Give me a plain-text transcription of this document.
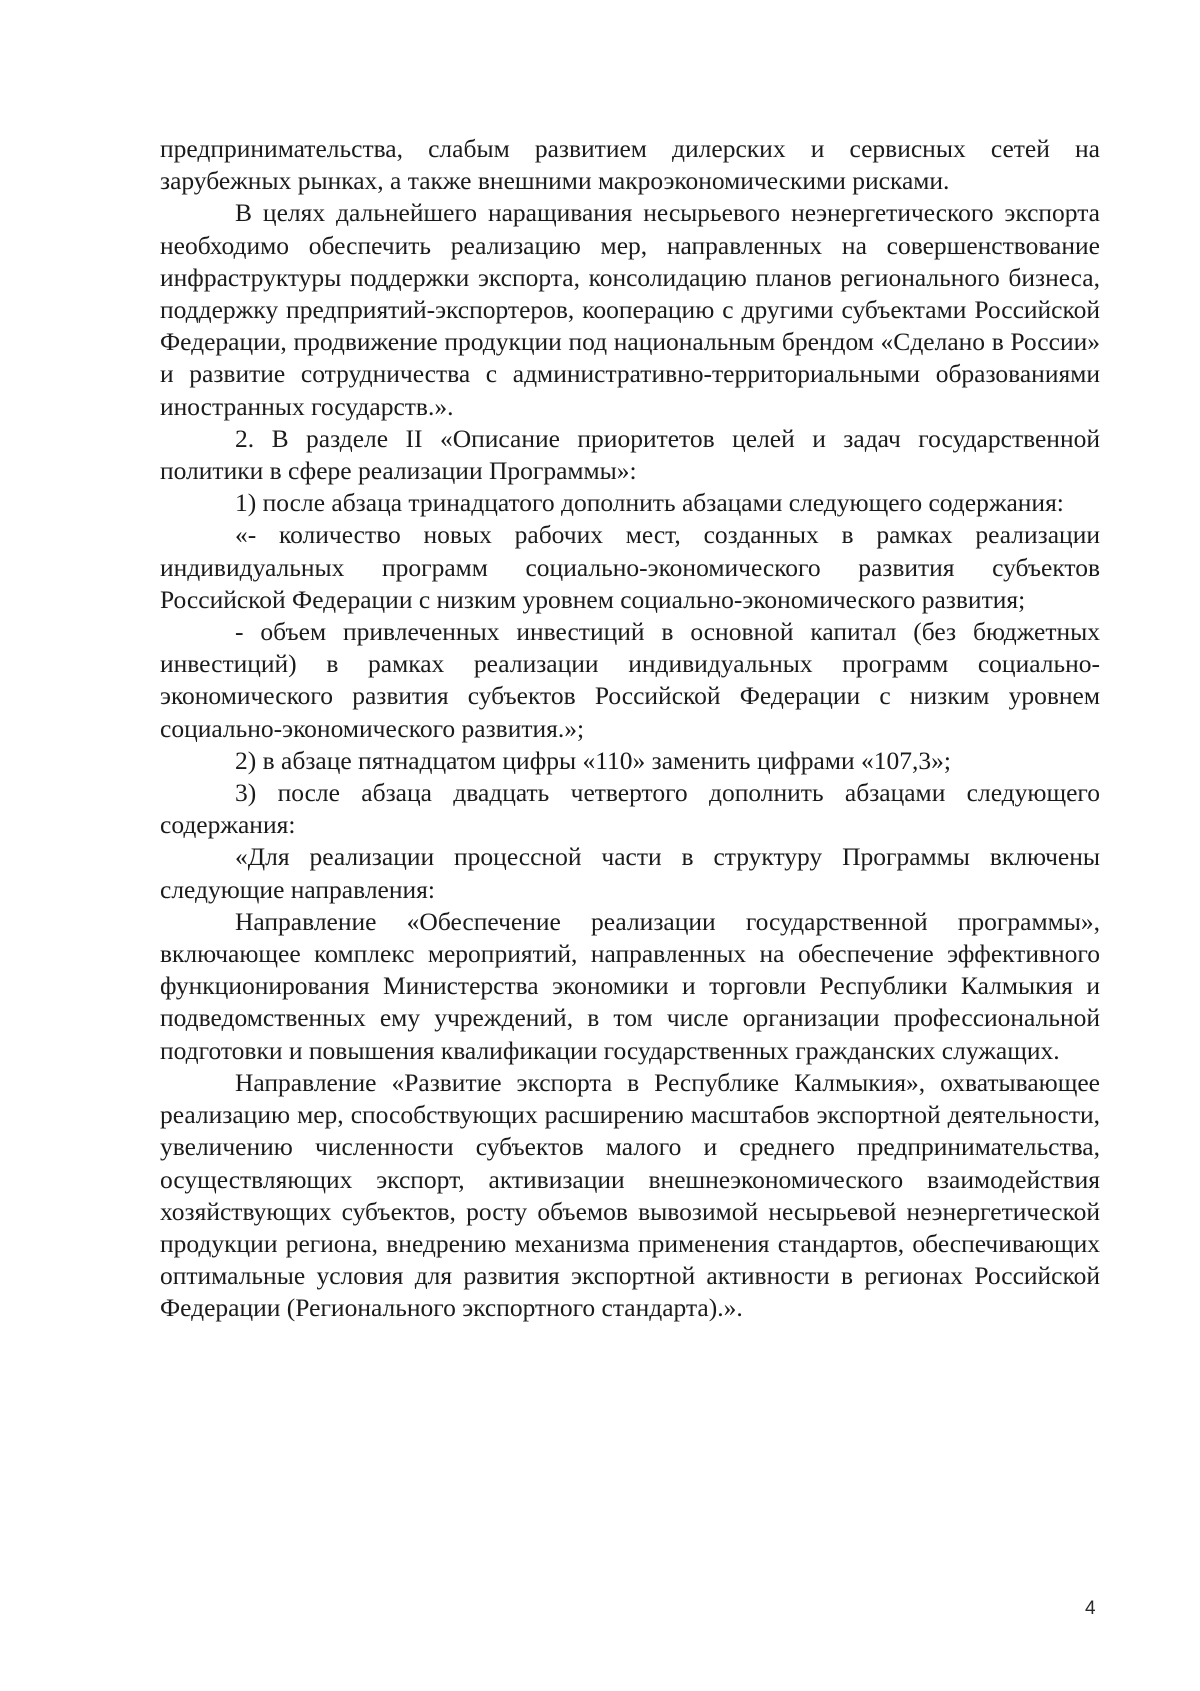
предпринимательства, слабым развитием дилерских и сервисных сетей на зарубежных рынках, а также внешними макроэкономическими рисками.

В целях дальнейшего наращивания несырьевого неэнергетического экспорта необходимо обеспечить реализацию мер, направленных на совершенствование инфраструктуры поддержки экспорта, консолидацию планов регионального бизнеса, поддержку предприятий-экспортеров, кооперацию с другими субъектами Российской Федерации, продвижение продукции под национальным брендом «Сделано в России» и развитие сотрудничества с административно-территориальными образованиями иностранных государств.».

2. В разделе II «Описание приоритетов целей и задач государственной политики в сфере реализации Программы»:

1) после абзаца тринадцатого дополнить абзацами следующего содержания:

«- количество новых рабочих мест, созданных в рамках реализации индивидуальных программ социально-экономического развития субъектов Российской Федерации с низким уровнем социально-экономического развития;

- объем привлеченных инвестиций в основной капитал (без бюджетных инвестиций) в рамках реализации индивидуальных программ социально-экономического развития субъектов Российской Федерации с низким уровнем социально-экономического развития.»;

2) в абзаце пятнадцатом цифры «110» заменить цифрами «107,3»;

3) после абзаца двадцать четвертого дополнить абзацами следующего содержания:

«Для реализации процессной части в структуру Программы включены следующие направления:

Направление «Обеспечение реализации государственной программы», включающее комплекс мероприятий, направленных на обеспечение эффективного функционирования Министерства экономики и торговли Республики Калмыкия и подведомственных ему учреждений, в том числе организации профессиональной подготовки и повышения квалификации государственных гражданских служащих.

Направление «Развитие экспорта в Республике Калмыкия», охватывающее реализацию мер, способствующих расширению масштабов экспортной деятельности, увеличению численности субъектов малого и среднего предпринимательства, осуществляющих экспорт, активизации внешнеэкономического взаимодействия хозяйствующих субъектов, росту объемов вывозимой несырьевой неэнергетической продукции региона, внедрению механизма применения стандартов, обеспечивающих оптимальные условия для развития экспортной активности в регионах Российской Федерации (Регионального экспортного стандарта).».

4
